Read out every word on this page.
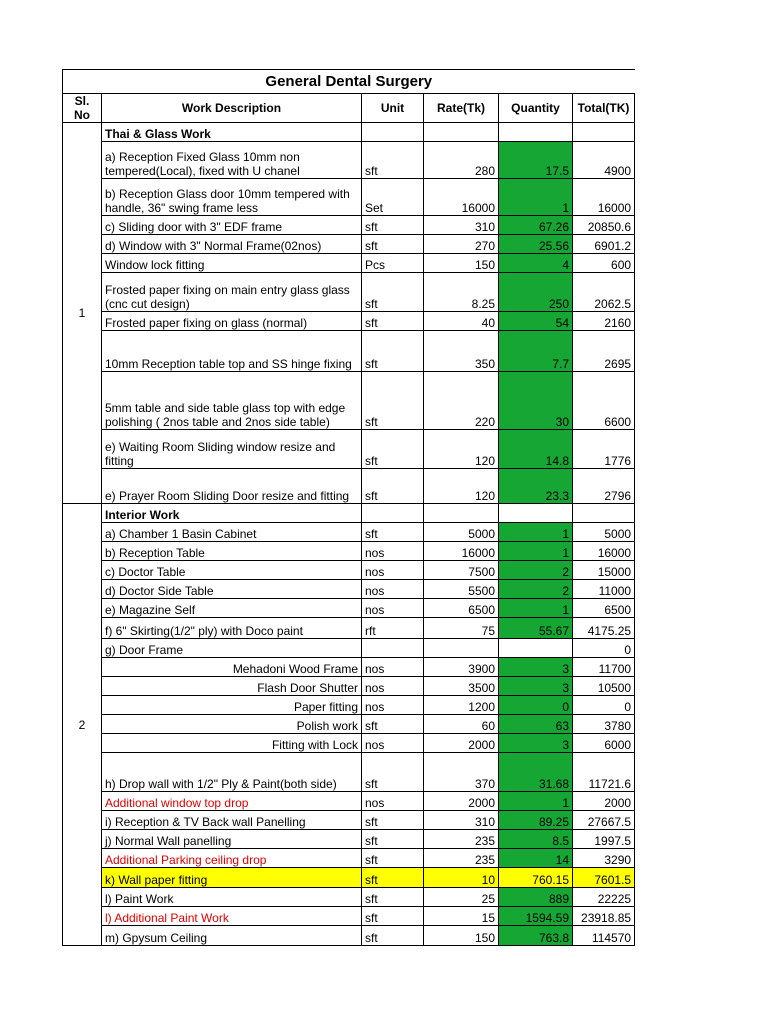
General Dental Surgery					
Sl. No	Work Description	Unit	Rate(Tk)	Quantity	Total(TK)
1	Thai & Glass Work				
	a) Reception Fixed Glass 10mm non tempered(Local), fixed with U chanel	sft	280	17.5	4900
	b) Reception Glass door 10mm tempered with handle, 36" swing frame less	Set	16000	1	16000
	c) Sliding door with 3" EDF frame	sft	310	67.26	20850.6
	d) Window with 3" Normal Frame(02nos)	sft	270	25.56	6901.2
	Window lock fitting	Pcs	150	4	600
	Frosted paper fixing on main entry glass glass (cnc cut design)	sft	8.25	250	2062.5
	Frosted paper fixing on glass (normal)	sft	40	54	2160
	10mm Reception table top and SS hinge fixing	sft	350	7.7	2695
	5mm table and side table glass top with edge polishing ( 2nos table and 2nos side table)	sft	220	30	6600
	e) Waiting Room Sliding window resize and fitting	sft	120	14.8	1776
	e) Prayer Room Sliding Door resize and fitting	sft	120	23.3	2796
2	Interior Work				
	a) Chamber 1 Basin Cabinet	sft	5000	1	5000
	b) Reception Table	nos	16000	1	16000
	c) Doctor Table	nos	7500	2	15000
	d) Doctor Side Table	nos	5500	2	11000
	e) Magazine Self	nos	6500	1	6500
	f) 6" Skirting(1/2" ply) with Doco paint	rft	75	55.67	4175.25
	g) Door Frame				0
	Mehadoni Wood Frame	nos	3900	3	11700
	Flash Door Shutter	nos	3500	3	10500
	Paper fitting	nos	1200	0	0
	Polish work	sft	60	63	3780
	Fitting with Lock	nos	2000	3	6000
	h) Drop wall with 1/2" Ply & Paint(both side)	sft	370	31.68	11721.6
	Additional window top drop	nos	2000	1	2000
	i) Reception & TV Back wall Panelling	sft	310	89.25	27667.5
	j) Normal Wall panelling	sft	235	8.5	1997.5
	Additional Parking ceiling drop	sft	235	14	3290
	k) Wall paper fitting	sft	10	760.15	7601.5
	l) Paint Work	sft	25	889	22225
	l) Additional Paint Work	sft	15	1594.59	23918.85
	m) Gpysum Ceiling	sft	150	763.8	114570
